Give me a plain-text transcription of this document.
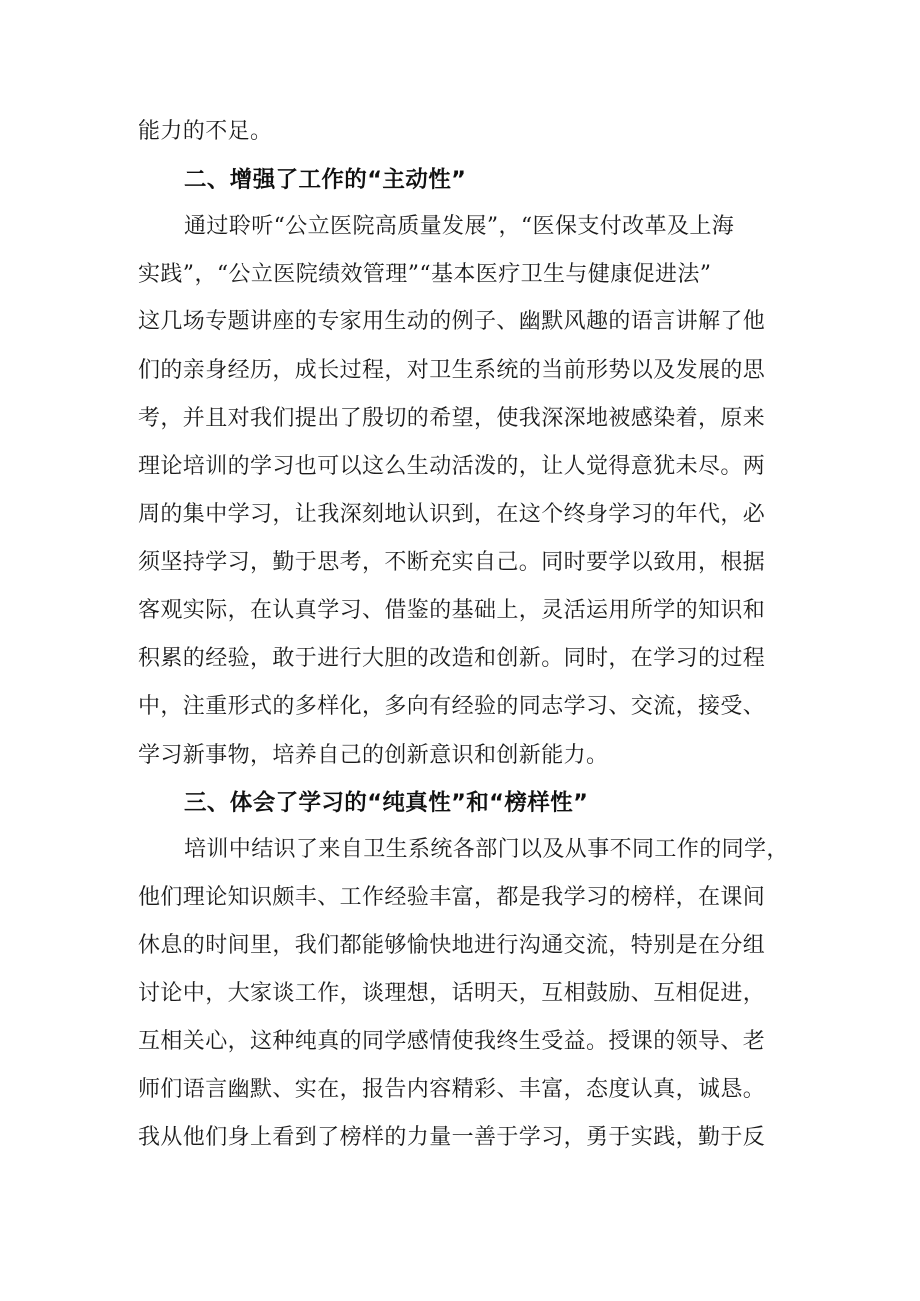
能力的不足。

二、增强了工作的“主动性”

通过聆听“公立医院高质量发展”，“医保支付改革及上海

实践”，“公立医院绩效管理”“基本医疗卫生与健康促进法”

这几场专题讲座的专家用生动的例子、幽默风趣的语言讲解了他

们的亲身经历，成长过程，对卫生系统的当前形势以及发展的思

考，并且对我们提出了殷切的希望，使我深深地被感染着，原来

理论培训的学习也可以这么生动活泼的，让人觉得意犹未尽。两

周的集中学习，让我深刻地认识到，在这个终身学习的年代，必

须坚持学习，勤于思考，不断充实自己。同时要学以致用，根据

客观实际，在认真学习、借鉴的基础上，灵活运用所学的知识和

积累的经验，敢于进行大胆的改造和创新。同时，在学习的过程

中，注重形式的多样化，多向有经验的同志学习、交流，接受、

学习新事物，培养自己的创新意识和创新能力。

三、体会了学习的“纯真性”和“榜样性”

培训中结识了来自卫生系统各部门以及从事不同工作的同学，

他们理论知识颇丰、工作经验丰富，都是我学习的榜样，在课间

休息的时间里，我们都能够愉快地进行沟通交流，特别是在分组

讨论中，大家谈工作，谈理想，话明天，互相鼓励、互相促进，

互相关心，这种纯真的同学感情使我终生受益。授课的领导、老

师们语言幽默、实在，报告内容精彩、丰富，态度认真，诚恳。

我从他们身上看到了榜样的力量一善于学习，勇于实践，勤于反
